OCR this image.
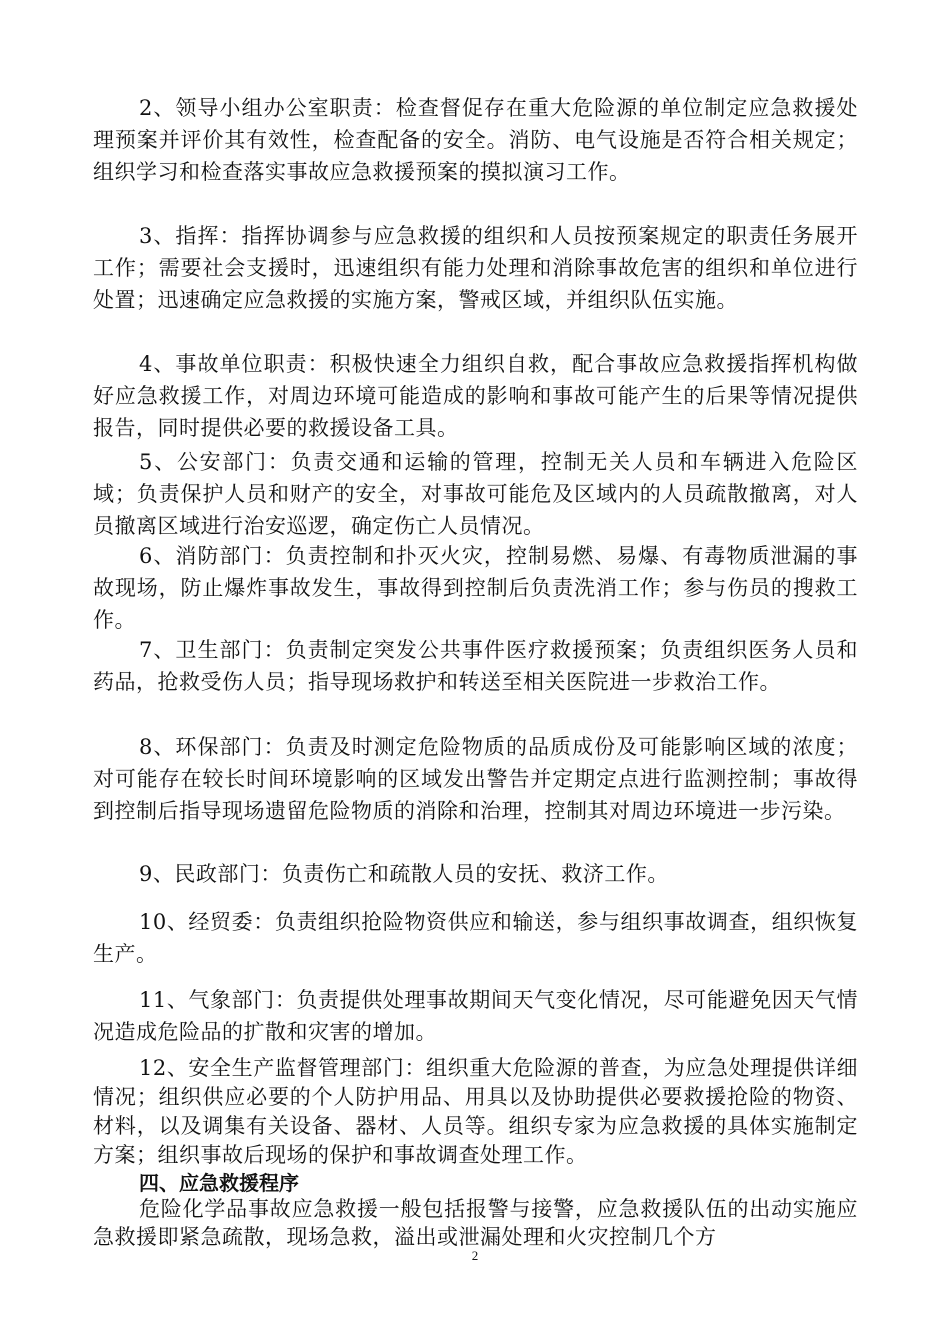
2、领导小组办公室职责：检查督促存在重大危险源的单位制定应急救援处理预案并评价其有效性，检查配备的安全。消防、电气设施是否符合相关规定；组织学习和检查落实事故应急救援预案的摸拟演习工作。

3、指挥：指挥协调参与应急救援的组织和人员按预案规定的职责任务展开工作；需要社会支援时，迅速组织有能力处理和消除事故危害的组织和单位进行处置；迅速确定应急救援的实施方案，警戒区域，并组织队伍实施。

4、事故单位职责：积极快速全力组织自救，配合事故应急救援指挥机构做好应急救援工作，对周边环境可能造成的影响和事故可能产生的后果等情况提供报告，同时提供必要的救援设备工具。

5、公安部门：负责交通和运输的管理，控制无关人员和车辆进入危险区域；负责保护人员和财产的安全，对事故可能危及区域内的人员疏散撤离，对人员撤离区域进行治安巡逻，确定伤亡人员情况。

6、消防部门：负责控制和扑灭火灾，控制易燃、易爆、有毒物质泄漏的事故现场，防止爆炸事故发生，事故得到控制后负责洗消工作；参与伤员的搜救工作。

7、卫生部门：负责制定突发公共事件医疗救援预案；负责组织医务人员和药品，抢救受伤人员；指导现场救护和转送至相关医院进一步救治工作。

8、环保部门：负责及时测定危险物质的品质成份及可能影响区域的浓度；对可能存在较长时间环境影响的区域发出警告并定期定点进行监测控制；事故得到控制后指导现场遗留危险物质的消除和治理，控制其对周边环境进一步污染。

9、民政部门：负责伤亡和疏散人员的安抚、救济工作。

10、经贸委：负责组织抢险物资供应和输送，参与组织事故调查，组织恢复生产。

11、气象部门：负责提供处理事故期间天气变化情况，尽可能避免因天气情况造成危险品的扩散和灾害的增加。

12、安全生产监督管理部门：组织重大危险源的普查，为应急处理提供详细情况；组织供应必要的个人防护用品、用具以及协助提供必要救援抢险的物资、材料，以及调集有关设备、器材、人员等。组织专家为应急救援的具体实施制定方案；组织事故后现场的保护和事故调查处理工作。

四、应急救援程序

危险化学品事故应急救援一般包括报警与接警，应急救援队伍的出动实施应急救援即紧急疏散，现场急救，溢出或泄漏处理和火灾控制几个方

2
